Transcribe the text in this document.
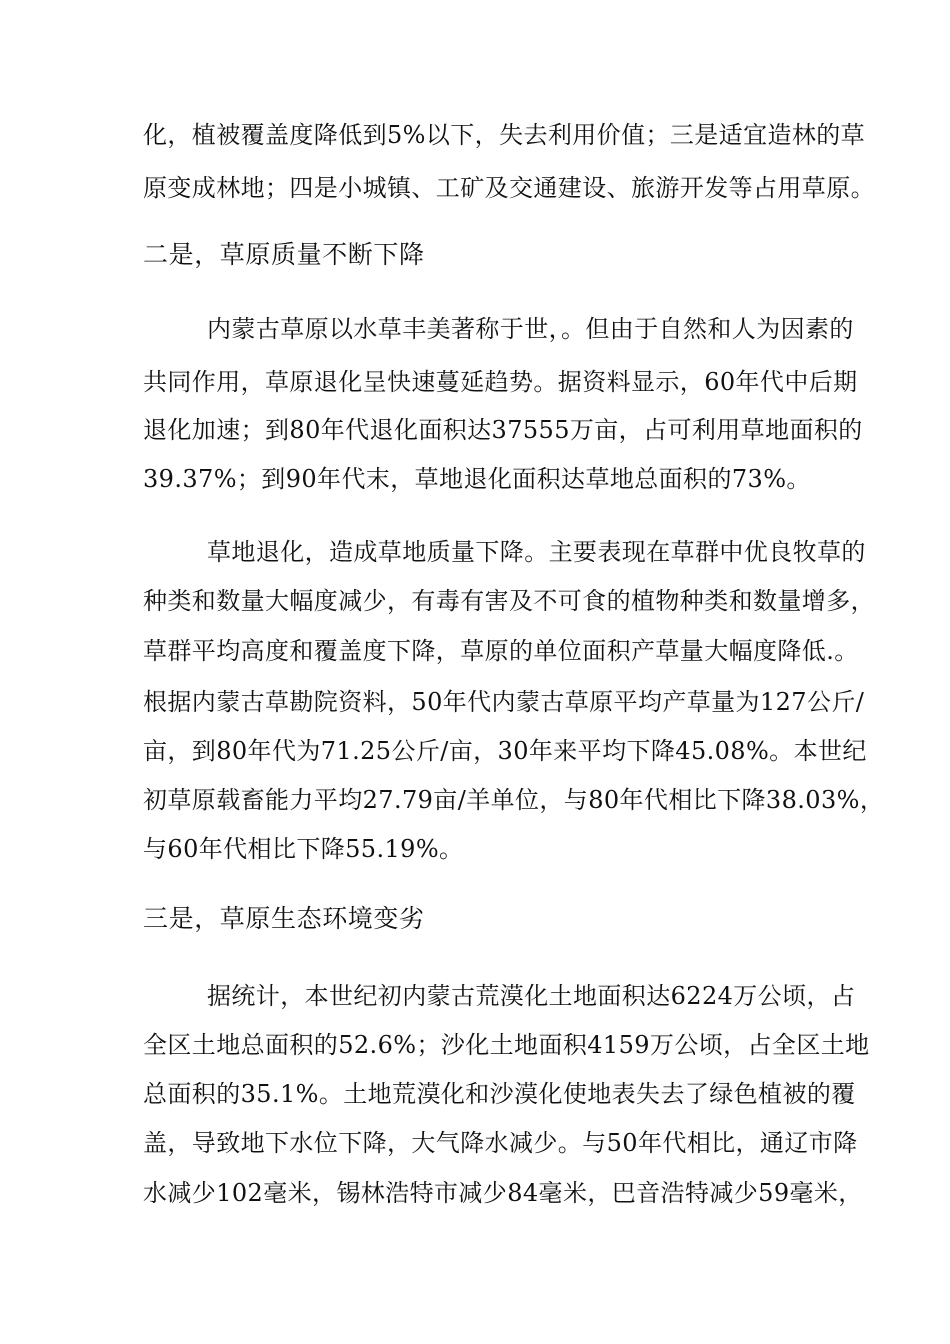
化，植被覆盖度降低到5%以下，失去利用价值；三是适宜造林的草
原变成林地；四是小城镇、工矿及交通建设、旅游开发等占用草原。
二是，草原质量不断下降
内蒙古草原以水草丰美著称于世，。但由于自然和人为因素的
共同作用，草原退化呈快速蔓延趋势。据资料显示，60年代中后期
退化加速；到80年代退化面积达37555万亩，占可利用草地面积的
39.37%；到90年代末，草地退化面积达草地总面积的73%。
草地退化，造成草地质量下降。主要表现在草群中优良牧草的
种类和数量大幅度减少，有毒有害及不可食的植物种类和数量增多，
草群平均高度和覆盖度下降，草原的单位面积产草量大幅度降低.。
根据内蒙古草勘院资料，50年代内蒙古草原平均产草量为127公斤/
亩，到80年代为71.25公斤/亩，30年来平均下降45.08%。本世纪
初草原载畜能力平均27.79亩/羊单位，与80年代相比下降38.03%，
与60年代相比下降55.19%。
三是，草原生态环境变劣
据统计，本世纪初内蒙古荒漠化土地面积达6224万公顷，占
全区土地总面积的52.6%；沙化土地面积4159万公顷，占全区土地
总面积的35.1%。土地荒漠化和沙漠化使地表失去了绿色植被的覆
盖，导致地下水位下降，大气降水减少。与50年代相比，通辽市降
水减少102毫米，锡林浩特市减少84毫米，巴音浩特减少59毫米，
